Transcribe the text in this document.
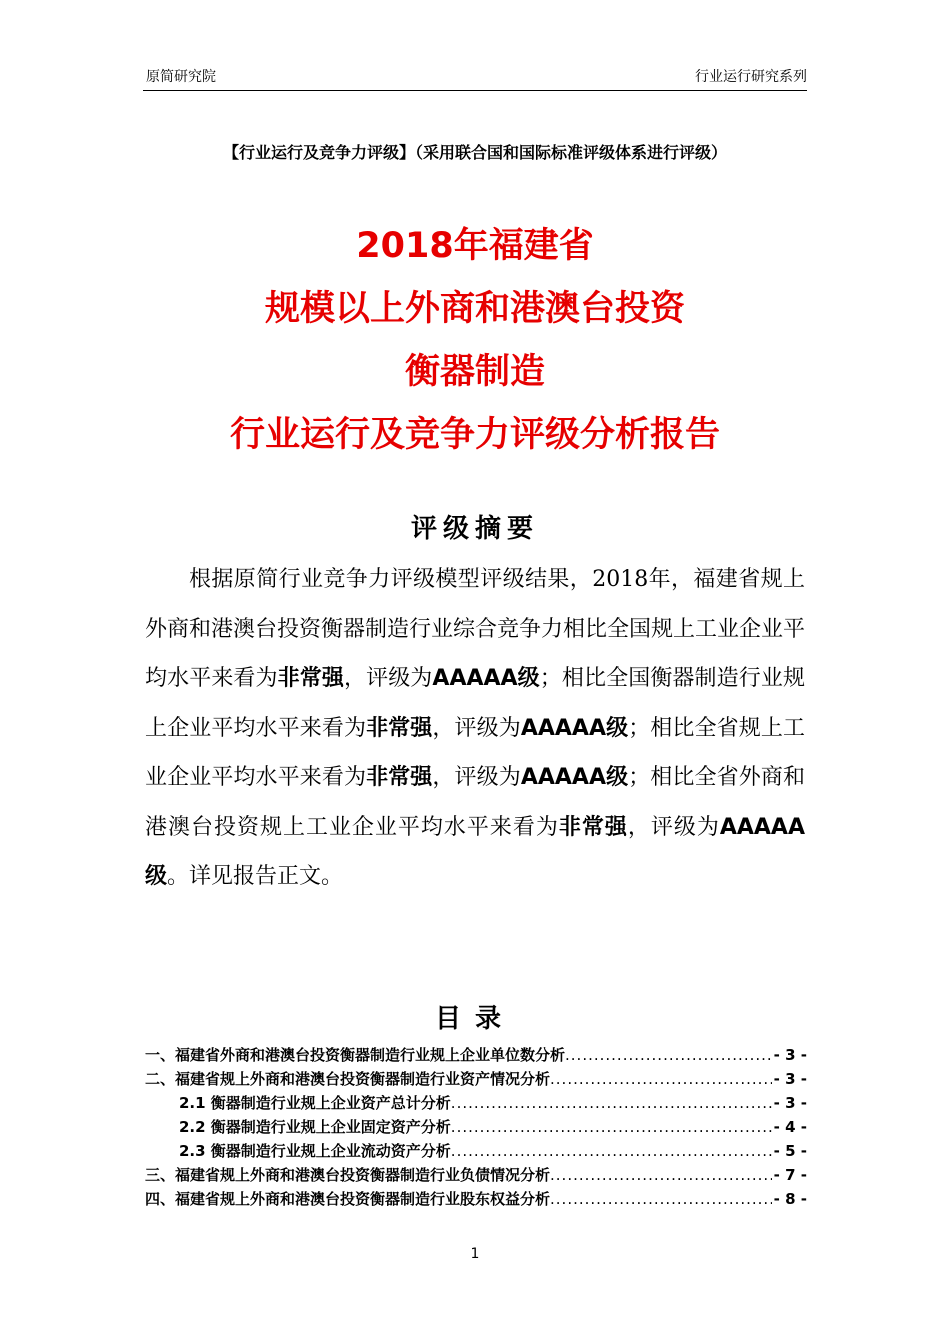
原简研究院	行业运行研究系列
【行业运行及竞争力评级】（采用联合国和国际标准评级体系进行评级）
2018年福建省
规模以上外商和港澳台投资
衡器制造
行业运行及竞争力评级分析报告
评级摘要

根据原简行业竞争力评级模型评级结果，2018年，福建省规上外商和港澳台投资衡器制造行业综合竞争力相比全国规上工业企业平均水平来看为非常强，评级为AAAAA级；相比全国衡器制造行业规上企业平均水平来看为非常强，评级为AAAAA级；相比全省规上工业企业平均水平来看为非常强，评级为AAAAA级；相比全省外商和港澳台投资规上工业企业平均水平来看为非常强，评级为AAAAA级。详见报告正文。

目录
一、福建省外商和港澳台投资衡器制造行业规上企业单位数分析 .....	- 3 -
二、福建省规上外商和港澳台投资衡器制造行业资产情况分析 .....	- 3 -
2.1 衡器制造行业规上企业资产总计分析 .....	- 3 -
2.2 衡器制造行业规上企业固定资产分析 .....	- 4 -
2.3 衡器制造行业规上企业流动资产分析 .....	- 5 -
三、福建省规上外商和港澳台投资衡器制造行业负债情况分析 .....	- 7 -
四、福建省规上外商和港澳台投资衡器制造行业股东权益分析 .....	- 8 -
1
